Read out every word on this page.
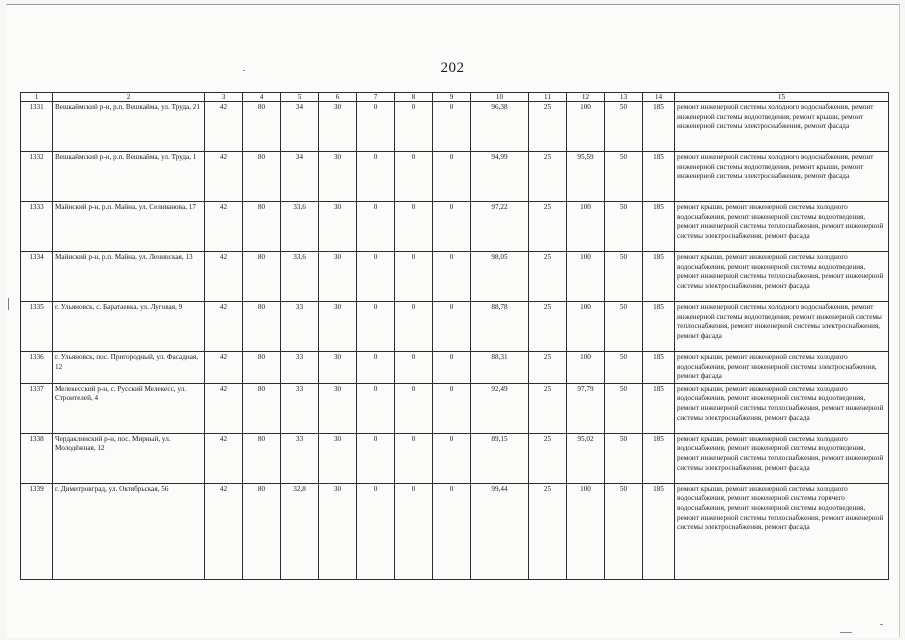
202
1	2	3	4	5	6	7	8	9	10	11	12	13	14	15
1331	Вешкаймский р-н, р.п. Вешкайма, ул. Труда, 21	42	80	34	30	0	0	0	96,38	25	100	50	185	ремонт инженерной системы холодного водоснабжения, ремонт инженерной системы водоотведения, ремонт крыши, ремонт инженерной системы электроснабжения, ремонт фасада
1332	Вешкаймский р-н, р.п. Вешкайма, ул. Труда, 1	42	80	34	30	0	0	0	94,99	25	95,59	50	185	ремонт инженерной системы холодного водоснабжения, ремонт инженерной системы водоотведения, ремонт крыши, ремонт инженерной системы электроснабжения, ремонт фасада
1333	Майнский р-н, р.п. Майна, ул. Селиванова, 17	42	80	33,6	30	0	0	0	97,22	25	100	50	185	ремонт крыши, ремонт инженерной системы холодного водоснабжения, ремонт инженерной системы водоотведения, ремонт инженерной системы теплоснабжения, ремонт инженерной системы электроснабжения, ремонт фасада
1334	Майнский р-н, р.п. Майна, ул. Ленинская, 13	42	80	33,6	30	0	0	0	98,05	25	100	50	185	ремонт крыши, ремонт инженерной системы холодного водоснабжения, ремонт инженерной системы водоотведения, ремонт инженерной системы теплоснабжения, ремонт инженерной системы электроснабжения, ремонт фасада
1335	г. Ульяновск, с. Баратаевка, ул. Луговая, 9	42	80	33	30	0	0	0	88,78	25	100	50	185	ремонт инженерной системы холодного водоснабжения, ремонт инженерной системы водоотведения, ремонт инженерной системы теплоснабжения, ремонт инженерной системы электроснабжения, ремонт фасада
1336	г. Ульяновск, пос. Пригородный, ул. Фасадная, 12	42	80	33	30	0	0	0	88,31	25	100	50	185	ремонт крыши, ремонт инженерной системы холодного водоснабжения, ремонт инженерной системы электроснабжения, ремонт фасада
1337	Мелекесский р-н, с. Русский Мелекесс, ул. Строителей, 4	42	80	33	30	0	0	0	92,49	25	97,79	50	185	ремонт крыши, ремонт инженерной системы холодного водоснабжения, ремонт инженерной системы водоотведения, ремонт инженерной системы теплоснабжения, ремонт инженерной системы электроснабжения, ремонт фасада
1338	Чердаклинский р-н, пос. Мирный, ул. Молодёжная, 12	42	80	33	30	0	0	0	89,15	25	95,02	50	185	ремонт крыши, ремонт инженерной системы холодного водоснабжения, ремонт инженерной системы водоотведения, ремонт инженерной системы теплоснабжения, ремонт инженерной системы электроснабжения, ремонт фасада
1339	г. Димитровград, ул. Октябрьская, 56	42	80	32,8	30	0	0	0	99,44	25	100	50	185	ремонт крыши, ремонт инженерной системы холодного водоснабжения, ремонт инженерной системы горячего водоснабжения, ремонт инженерной системы водоотведения, ремонт инженерной системы теплоснабжения, ремонт инженерной системы электроснабжения, ремонт фасада
